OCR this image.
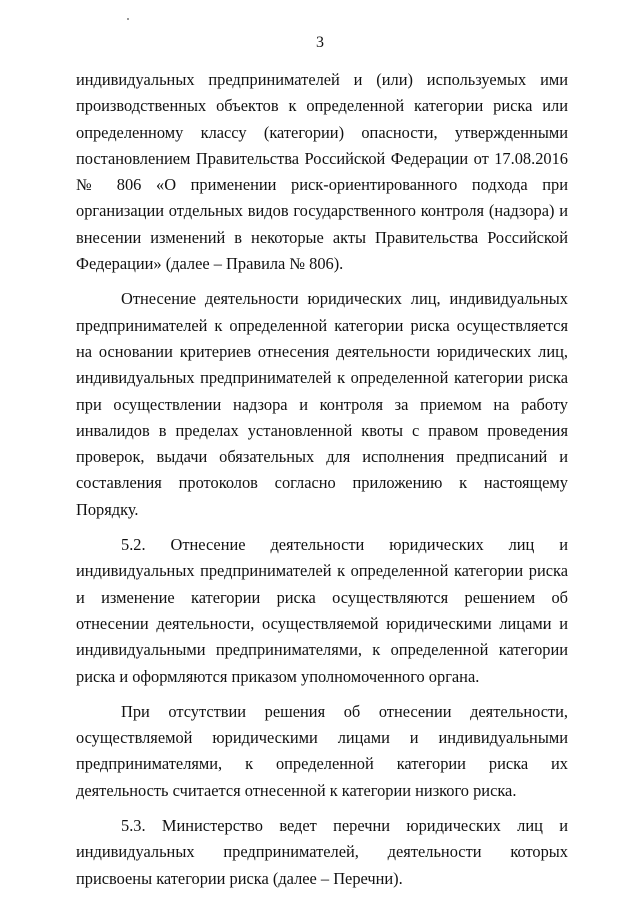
3

индивидуальных предпринимателей и (или) используемых ими производственных объектов к определенной категории риска или определенному классу (категории) опасности, утвержденными постановлением Правительства Российской Федерации от 17.08.2016 № 806 «О применении риск-ориентированного подхода при организации отдельных видов государственного контроля (надзора) и внесении изменений в некоторые акты Правительства Российской Федерации» (далее – Правила № 806).

Отнесение деятельности юридических лиц, индивидуальных предпринимателей к определенной категории риска осуществляется на основании критериев отнесения деятельности юридических лиц, индивидуальных предпринимателей к определенной категории риска при осуществлении надзора и контроля за приемом на работу инвалидов в пределах установленной квоты с правом проведения проверок, выдачи обязательных для исполнения предписаний и составления протоколов согласно приложению к настоящему Порядку.

5.2. Отнесение деятельности юридических лиц и индивидуальных предпринимателей к определенной категории риска и изменение категории риска осуществляются решением об отнесении деятельности, осуществляемой юридическими лицами и индивидуальными предпринимателями, к определенной категории риска и оформляются приказом уполномоченного органа.

При отсутствии решения об отнесении деятельности, осуществляемой юридическими лицами и индивидуальными предпринимателями, к определенной категории риска их деятельность считается отнесенной к категории низкого риска.

5.3. Министерство ведет перечни юридических лиц и индивидуальных предпринимателей, деятельности которых присвоены категории риска (далее – Перечни).
